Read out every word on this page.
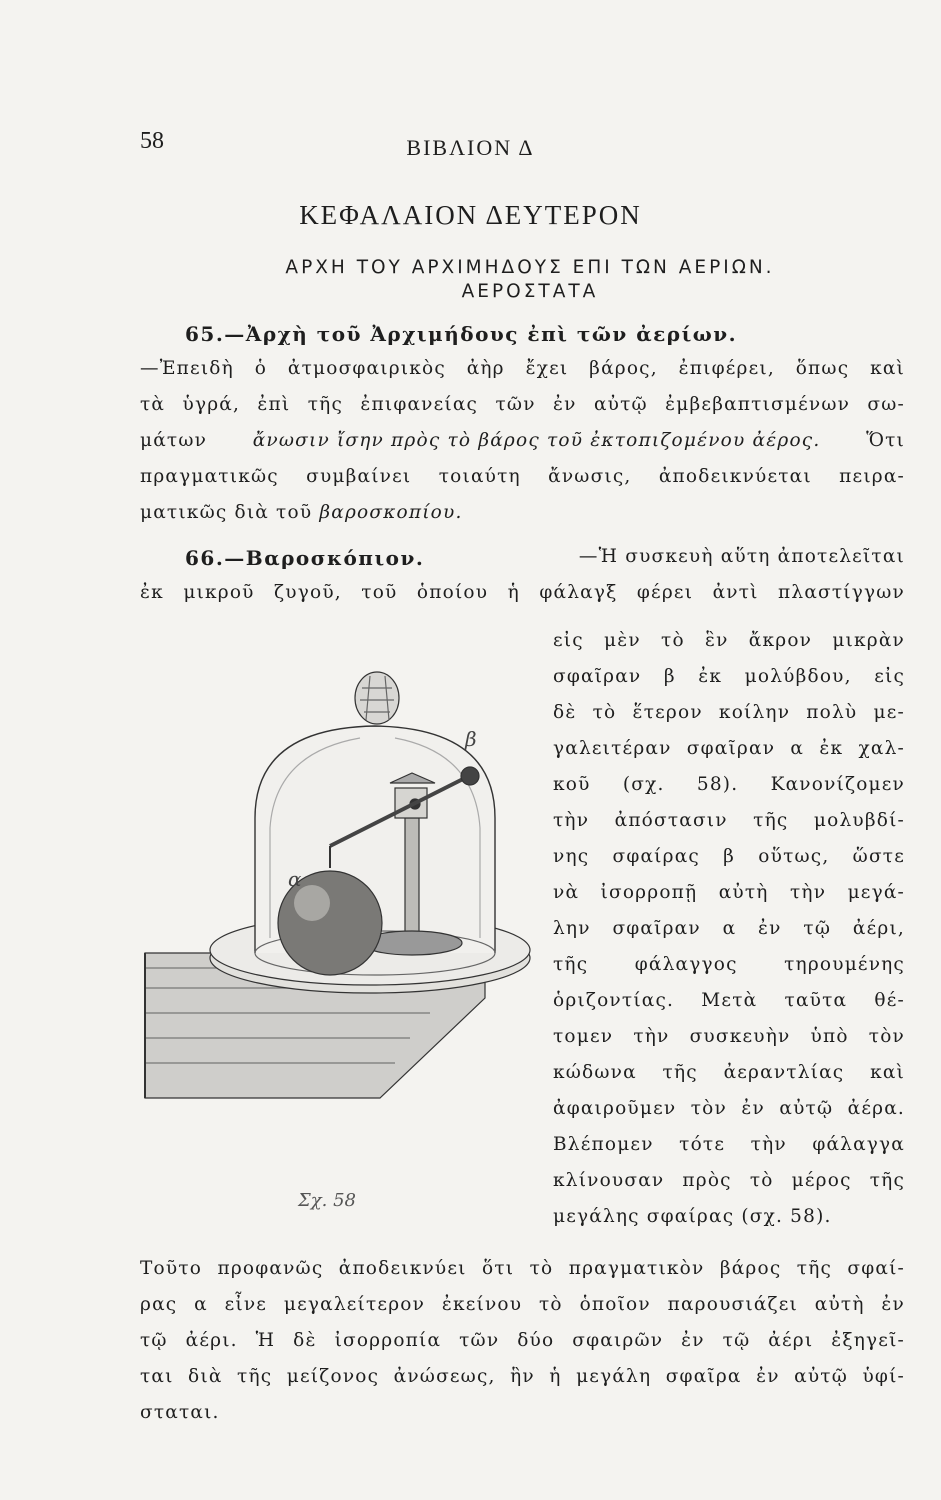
58	ΒΙΒΛΙΟΝ Δ
ΚΕΦΑΛΑΙΟΝ ΔΕΥΤΕΡΟΝ
ΑΡΧΗ ΤΟΥ ΑΡΧΙΜΗΔΟΥΣ ΕΠΙ ΤΩΝ ΑΕΡΙΩΝ.
ΑΕΡΟΣΤΑΤΑ
65.—Ἀρχὴ τοῦ Ἀρχιμήδους ἐπὶ τῶν ἀερίων.
—Ἐπειδὴ ὁ ἀτμοσφαιρικὸς ἀὴρ ἔχει βάρος, ἐπιφέρει, ὅπως καὶ
τὰ ὑγρά, ἐπὶ τῆς ἐπιφανείας τῶν ἐν αὐτῷ ἐμβεβαπτισμένων σω-
μάτων ἄνωσιν ἴσην πρὸς τὸ βάρος τοῦ ἐκτοπιζομένου ἀέρος. Ὅτι
πραγματικῶς συμβαίνει τοιαύτη ἄνωσις, ἀποδεικνύεται πειρα-
ματικῶς διὰ τοῦ βαροσκοπίου.
66.—Βαροσκόπιον.	—Ἡ συσκευὴ αὕτη ἀποτελεῖται
ἐκ μικροῦ ζυγοῦ, τοῦ ὁποίου ἡ φάλαγξ φέρει ἀντὶ πλαστίγγων
εἰς μὲν τὸ ἓν ἄκρον μικρὰν
σφαῖραν β ἐκ μολύβδου, εἰς
δὲ τὸ ἕτερον κοίλην πολὺ με-
γαλειτέραν σφαῖραν α ἐκ χαλ-
κοῦ (σχ. 58). Κανονίζομεν
τὴν ἀπόστασιν τῆς μολυβδί-
νης σφαίρας β οὕτως, ὥστε
νὰ ἰσορροπῇ αὐτὴ τὴν μεγά-
λην σφαῖραν α ἐν τῷ ἀέρι,
τῆς φάλαγγος τηρουμένης
ὁριζοντίας. Μετὰ ταῦτα θέ-
τομεν τὴν συσκευὴν ὑπὸ τὸν
κώδωνα τῆς ἀεραντλίας καὶ
ἀφαιροῦμεν τὸν ἐν αὐτῷ ἀέρα.
Βλέπομεν τότε τὴν φάλαγγα
κλίνουσαν πρὸς τὸ μέρος τῆς
μεγάλης σφαίρας (σχ. 58).
Τοῦτο προφανῶς ἀποδεικνύει ὅτι τὸ πραγματικὸν βάρος τῆς σφαί-
ρας α εἶνε μεγαλείτερον ἐκείνου τὸ ὁποῖον παρουσιάζει αὐτὴ ἐν
τῷ ἀέρι. Ἡ δὲ ἰσορροπία τῶν δύο σφαιρῶν ἐν τῷ ἀέρι ἐξηγεῖ-
ται διὰ τῆς μείζονος ἀνώσεως, ἣν ἡ μεγάλη σφαῖρα ἐν αὐτῷ ὑφί-
σταται.
α
β
Σχ. 58
